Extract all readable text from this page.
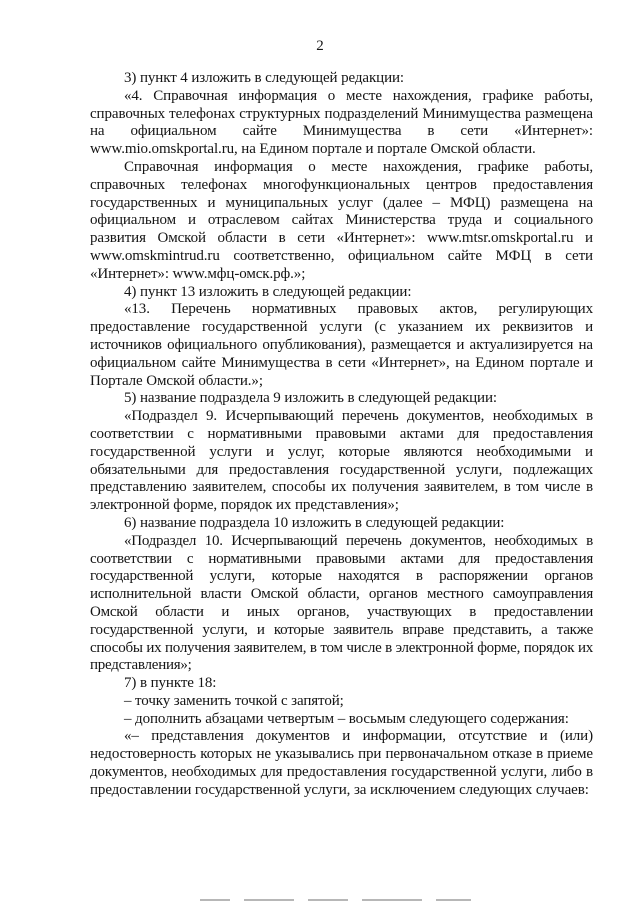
2

3) пункт 4 изложить в следующей редакции:

«4. Справочная информация о месте нахождения, графике работы, справочных телефонах структурных подразделений Минимущества размещена на официальном сайте Минимущества в сети «Интернет»: www.mio.omskportal.ru, на Едином портале и портале Омской области.

Справочная информация о месте нахождения, графике работы, справочных телефонах многофункциональных центров предоставления государственных и муниципальных услуг (далее – МФЦ) размещена на официальном и отраслевом сайтах Министерства труда и социального развития Омской области в сети «Интернет»: www.mtsr.omskportal.ru и www.omskmintrud.ru соответственно, официальном сайте МФЦ в сети «Интернет»: www.мфц-омск.рф.»;

4) пункт 13 изложить в следующей редакции:

«13. Перечень нормативных правовых актов, регулирующих предоставление государственной услуги (с указанием их реквизитов и источников официального опубликования), размещается и актуализируется на официальном сайте Минимущества в сети «Интернет», на Едином портале и Портале Омской области.»;

5) название подраздела 9 изложить в следующей редакции:

«Подраздел 9. Исчерпывающий перечень документов, необходимых в соответствии с нормативными правовыми актами для предоставления государственной услуги и услуг, которые являются необходимыми и обязательными для предоставления государственной услуги, подлежащих представлению заявителем, способы их получения заявителем, в том числе в электронной форме, порядок их представления»;

6) название подраздела 10 изложить в следующей редакции:

«Подраздел 10. Исчерпывающий перечень документов, необходимых в соответствии с нормативными правовыми актами для предоставления государственной услуги, которые находятся в распоряжении органов исполнительной власти Омской области, органов местного самоуправления Омской области и иных органов, участвующих в предоставлении государственной услуги, и которые заявитель вправе представить, а также способы их получения заявителем, в том числе в электронной форме, порядок их представления»;

7) в пункте 18:

– точку заменить точкой с запятой;

– дополнить абзацами четвертым – восьмым следующего содержания:

«– представления документов и информации, отсутствие и (или) недостоверность которых не указывались при первоначальном отказе в приеме документов, необходимых для предоставления государственной услуги, либо в предоставлении государственной услуги, за исключением следующих случаев:
